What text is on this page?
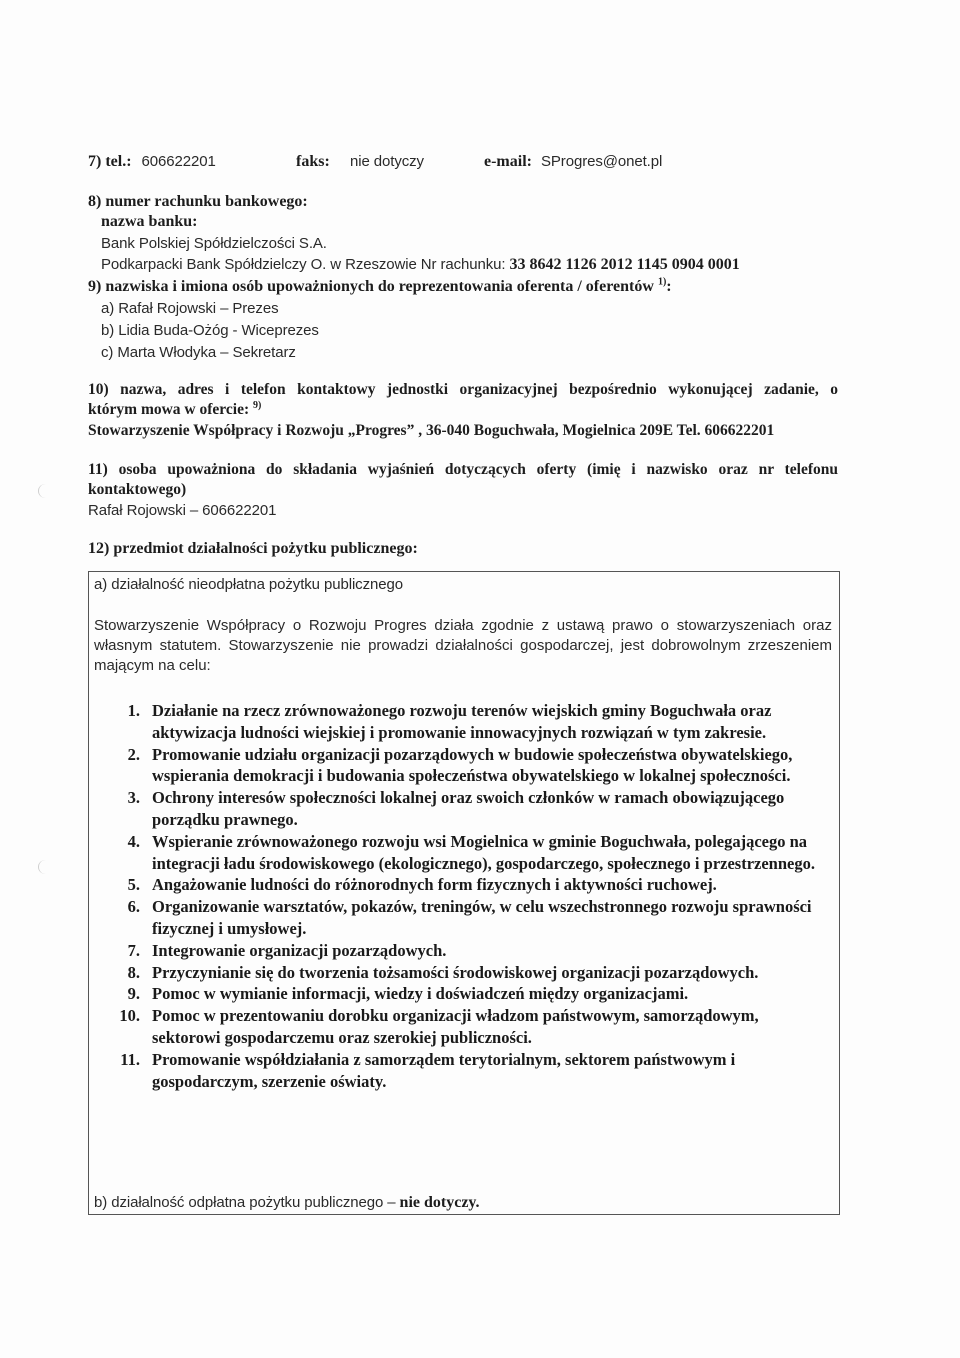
7) tel.: 606622201	faks: nie dotyczy	e-mail: SProgres@onet.pl
8) numer rachunku bankowego:
nazwa banku:
Bank Polskiej Spółdzielczości S.A.
Podkarpacki Bank Spółdzielczy O. w Rzeszowie Nr rachunku: 33 8642 1126 2012 1145 0904 0001
9) nazwiska i imiona osób upoważnionych do reprezentowania oferenta / oferentów $^{1)}$:
a) Rafał Rojowski – Prezes
b) Lidia Buda-Ożóg - Wiceprezes
c) Marta Włodyka – Sekretarz
10) nazwa, adres i telefon kontaktowy jednostki organizacyjnej bezpośrednio wykonującej zadanie, o
którym mowa w ofercie: $^{9)}$
Stowarzyszenie Współpracy i Rozwoju „Progres” , 36-040 Boguchwała, Mogielnica 209E Tel. 606622201
11) osoba upoważniona do składania wyjaśnień dotyczących oferty (imię i nazwisko oraz nr telefonu
kontaktowego)
Rafał Rojowski – 606622201
12) przedmiot działalności pożytku publicznego:
a) działalność nieodpłatna pożytku publicznego
Stowarzyszenie Współpracy o Rozwoju Progres działa zgodnie z ustawą prawo o stowarzyszeniach oraz własnym statutem. Stowarzyszenie nie prowadzi działalności gospodarczej, jest dobrowolnym zrzeszeniem mającym na celu:
1. Działanie na rzecz zrównoważonego rozwoju terenów wiejskich gminy Boguchwała oraz aktywizacja ludności wiejskiej i promowanie innowacyjnych rozwiązań w tym zakresie.
2. Promowanie udziału organizacji pozarządowych w budowie społeczeństwa obywatelskiego, wspierania demokracji i budowania społeczeństwa obywatelskiego w lokalnej społeczności.
3. Ochrony interesów społeczności lokalnej oraz swoich członków w ramach obowiązującego porządku prawnego.
4. Wspieranie zrównoważonego rozwoju wsi Mogielnica w gminie Boguchwała, polegającego na integracji ładu środowiskowego (ekologicznego), gospodarczego, społecznego i przestrzennego.
5. Angażowanie ludności do różnorodnych form fizycznych i aktywności ruchowej.
6. Organizowanie warsztatów, pokazów, treningów, w celu wszechstronnego rozwoju sprawności fizycznej i umysłowej.
7. Integrowanie organizacji pozarządowych.
8. Przyczynianie się do tworzenia tożsamości środowiskowej organizacji pozarządowych.
9. Pomoc w wymianie informacji, wiedzy i doświadczeń między organizacjami.
10. Pomoc w prezentowaniu dorobku organizacji władzom państwowym, samorządowym, sektorowi gospodarczemu oraz szerokiej publiczności.
11. Promowanie współdziałania z samorządem terytorialnym, sektorem państwowym i gospodarczym, szerzenie oświaty.
b) działalność odpłatna pożytku publicznego – nie dotyczy.
